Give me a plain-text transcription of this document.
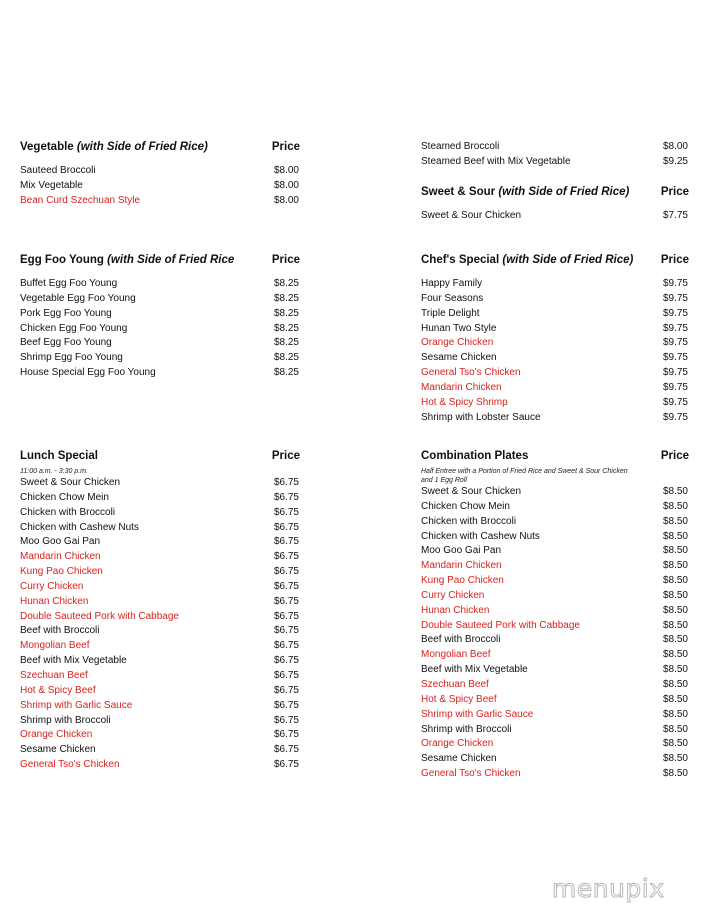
Vegetable (with Side of Fried Rice)	Price
Sauteed Broccoli	$8.00
Mix Vegetable	$8.00
Bean Curd Szechuan Style	$8.00
Egg Foo Young (with Side of Fried Rice	Price
Buffet Egg Foo Young	$8.25
Vegetable Egg Foo Young	$8.25
Pork Egg Foo Young	$8.25
Chicken Egg Foo Young	$8.25
Beef Egg Foo Young	$8.25
Shrimp Egg Foo Young	$8.25
House Special Egg Foo Young	$8.25
Lunch Special	Price
11:00 a.m. - 3:30 p.m.
Sweet & Sour Chicken	$6.75
Chicken Chow Mein	$6.75
Chicken with Broccoli	$6.75
Chicken with Cashew Nuts	$6.75
Moo Goo Gai Pan	$6.75
Mandarin Chicken	$6.75
Kung Pao Chicken	$6.75
Curry Chicken	$6.75
Hunan Chicken	$6.75
Double Sauteed Pork with Cabbage	$6.75
Beef with Broccoli	$6.75
Mongolian Beef	$6.75
Beef with Mix Vegetable	$6.75
Szechuan Beef	$6.75
Hot & Spicy Beef	$6.75
Shrimp with Garlic Sauce	$6.75
Shrimp with Broccoli	$6.75
Orange Chicken	$6.75
Sesame Chicken	$6.75
General Tso's Chicken	$6.75
Steamed Broccoli	$8.00
Steamed Beef with Mix Vegetable	$9.25
Sweet & Sour (with Side of Fried Rice)	Price
Sweet & Sour Chicken	$7.75
Chef's Special (with Side of Fried Rice) Price
Happy Family	$9.75
Four Seasons	$9.75
Triple Delight	$9.75
Hunan Two Style	$9.75
Orange Chicken	$9.75
Sesame Chicken	$9.75
General Tso's Chicken	$9.75
Mandarin Chicken	$9.75
Hot & Spicy Shrimp	$9.75
Shrimp with Lobster Sauce	$9.75
Combination Plates	Price
Half Entree with a Portion of Fried Rice and Sweet & Sour Chicken and 1 Egg Roll
Sweet & Sour Chicken	$8.50
Chicken Chow Mein	$8.50
Chicken with Broccoli	$8.50
Chicken with Cashew Nuts	$8.50
Moo Goo Gai Pan	$8.50
Mandarin Chicken	$8.50
Kung Pao Chicken	$8.50
Curry Chicken	$8.50
Hunan Chicken	$8.50
Double Sauteed Pork with Cabbage	$8.50
Beef with Broccoli	$8.50
Mongolian Beef	$8.50
Beef with Mix Vegetable	$8.50
Szechuan Beef	$8.50
Hot & Spicy Beef	$8.50
Shrimp with Garlic Sauce	$8.50
Shrimp with Broccoli	$8.50
Orange Chicken	$8.50
Sesame Chicken	$8.50
General Tso's Chicken	$8.50
menupix
